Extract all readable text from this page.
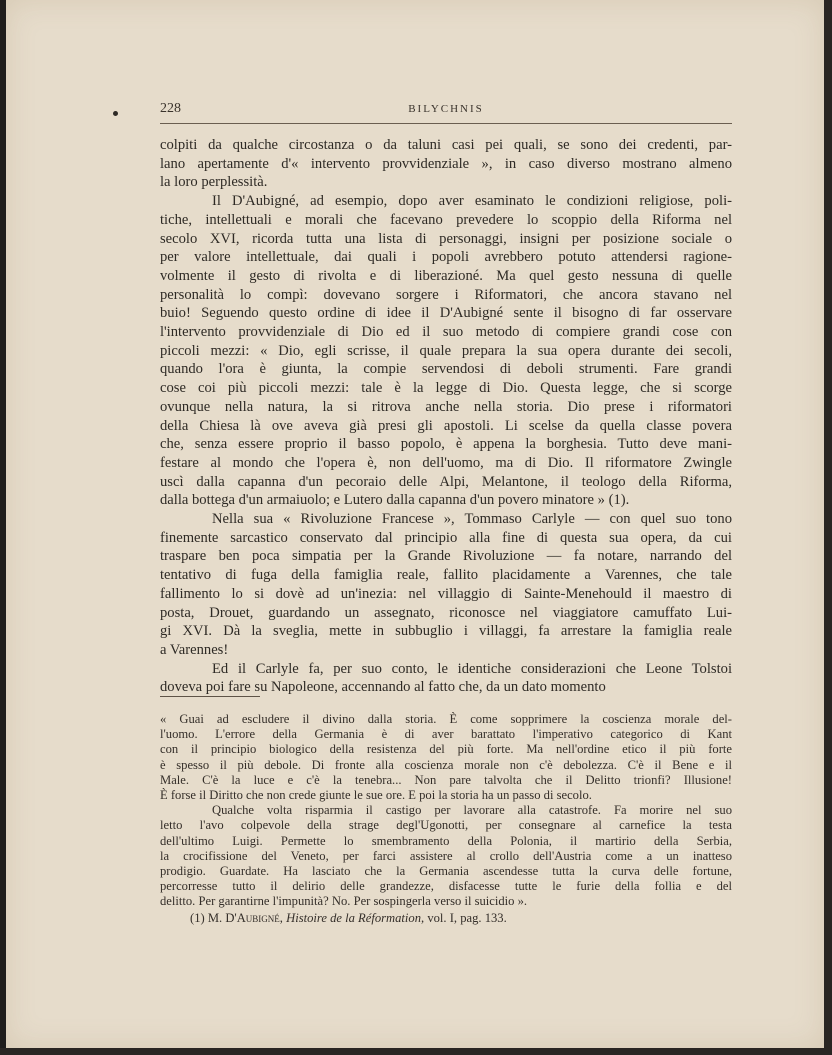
228	BILYCHNIS
colpiti da qualche circostanza o da taluni casi pei quali, se sono dei credenti, par-
lano apertamente d'« intervento provvidenziale », in caso diverso mostrano almeno
la loro perplessità.
Il D'Aubigné, ad esempio, dopo aver esaminato le condizioni religiose, poli-
tiche, intellettuali e morali che facevano prevedere lo scoppio della Riforma nel
secolo XVI, ricorda tutta una lista di personaggi, insigni per posizione sociale o
per valore intellettuale, dai quali i popoli avrebbero potuto attendersi ragione-
volmente il gesto di rivolta e di liberazioné. Ma quel gesto nessuna di quelle
personalità lo compì: dovevano sorgere i Riformatori, che ancora stavano nel
buio! Seguendo questo ordine di idee il D'Aubigné sente il bisogno di far osservare
l'intervento provvidenziale di Dio ed il suo metodo di compiere grandi cose con
piccoli mezzi: « Dio, egli scrisse, il quale prepara la sua opera durante dei secoli,
quando l'ora è giunta, la compie servendosi di deboli strumenti. Fare grandi
cose coi più piccoli mezzi: tale è la legge di Dio. Questa legge, che si scorge
ovunque nella natura, la si ritrova anche nella storia. Dio prese i riformatori
della Chiesa là ove aveva già presi gli apostoli. Li scelse da quella classe povera
che, senza essere proprio il basso popolo, è appena la borghesia. Tutto deve mani-
festare al mondo che l'opera è, non dell'uomo, ma di Dio. Il riformatore Zwingle
uscì dalla capanna d'un pecoraio delle Alpi, Melantone, il teologo della Riforma,
dalla bottega d'un armaiuolo; e Lutero dalla capanna d'un povero minatore » (1).
Nella sua « Rivoluzione Francese », Tommaso Carlyle — con quel suo tono
finemente sarcastico conservato dal principio alla fine di questa sua opera, da cui
traspare ben poca simpatia per la Grande Rivoluzione — fa notare, narrando del
tentativo di fuga della famiglia reale, fallito placidamente a Varennes, che tale
fallimento lo si dovè ad un'inezia: nel villaggio di Sainte-Menehould il maestro di
posta, Drouet, guardando un assegnato, riconosce nel viaggiatore camuffato Lui-
gi XVI. Dà la sveglia, mette in subbuglio i villaggi, fa arrestare la famiglia reale
a Varennes!
Ed il Carlyle fa, per suo conto, le identiche considerazioni che Leone Tolstoi
doveva poi fare su Napoleone, accennando al fatto che, da un dato momento
« Guai ad escludere il divino dalla storia. È come sopprimere la coscienza morale del-
l'uomo. L'errore della Germania è di aver barattato l'imperativo categorico di Kant
con il principio biologico della resistenza del più forte. Ma nell'ordine etico il più forte
è spesso il più debole. Di fronte alla coscienza morale non c'è debolezza. C'è il Bene e il
Male. C'è la luce e c'è la tenebra... Non pare talvolta che il Delitto trionfi? Illusione!
È forse il Diritto che non crede giunte le sue ore. E poi la storia ha un passo di secolo.
Qualche volta risparmia il castigo per lavorare alla catastrofe. Fa morire nel suo
letto l'avo colpevole della strage degl'Ugonotti, per consegnare al carnefice la testa
dell'ultimo Luigi. Permette lo smembramento della Polonia, il martirio della Serbia,
la crocifissione del Veneto, per farci assistere al crollo dell'Austria come a un inatteso
prodigio. Guardate. Ha lasciato che la Germania ascendesse tutta la curva delle fortune,
percorresse tutto il delirio delle grandezze, disfacesse tutte le furie della follia e del
delitto. Per garantirne l'impunità? No. Per sospingerla verso il suicidio ».
(1) M. D'Aubigné, Histoire de la Réformation, vol. I, pag. 133.
